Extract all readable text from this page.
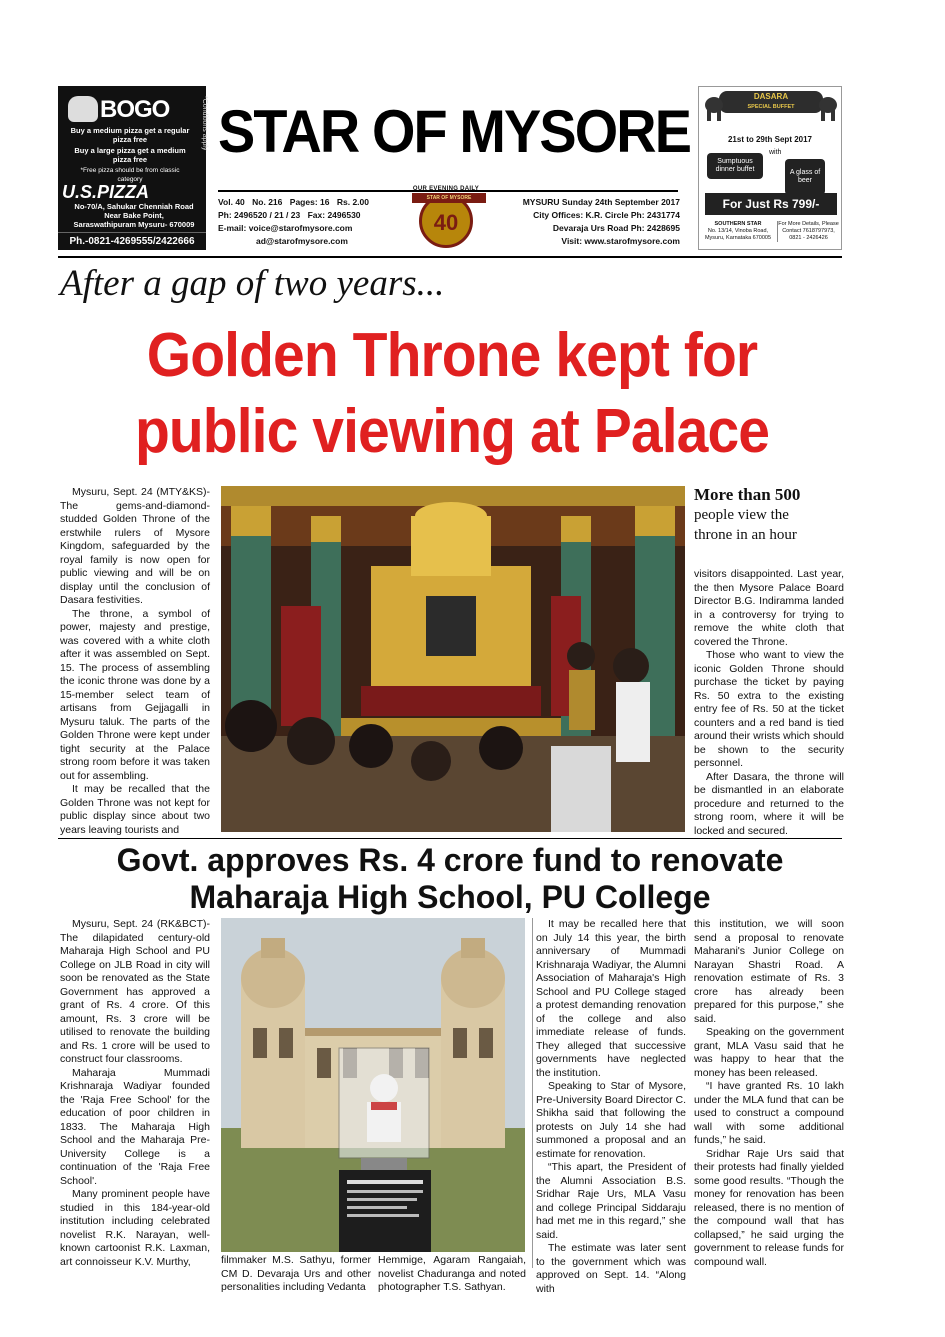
BOGO	*Conditions apply
Buy a medium pizza get a regular pizza free
Buy a large pizza get a medium pizza free
*Free pizza should be from classic category
U.S.PIZZA
No-70/A, Sahukar Chenniah Road Near Bake Point, Saraswathipuram Mysuru- 670009
Ph.-0821-4269555/2422666
STAR OF MYSORE
Vol. 40 No. 216 Pages: 16 Rs. 2.00
Ph: 2496520 / 21 / 23 Fax: 2496530
E-mail: voice@starofmysore.com
ad@starofmysore.com
OUR EVENING DAILY
STAR OF MYSORE
40
MYSURU Sunday 24th September 2017
City Offices: K.R. Circle Ph: 2431774
Devaraja Urs Road Ph: 2428695
Visit: www.starofmysore.com
DASARA
SPECIAL BUFFET
21st to 29th Sept 2017
Sumptuous dinner buffet
with
A glass of beer
For Just Rs 799/-
SOUTHERN STAR
No. 13/14, Vinoba Road, Mysuru, Karnataka 670005
For More Details, Please Contact 7618797973, 0821 - 2426426
After a gap of two years...
Golden Throne kept for
public viewing at Palace

Mysuru, Sept. 24 (MTY&KS)- The gems-and-diamond-studded Golden Throne of the erstwhile rulers of Mysore Kingdom, safeguarded by the royal family is now open for public viewing and will be on display until the conclusion of Dasara festivities.

The throne, a symbol of power, majesty and prestige, was covered with a white cloth after it was assembled on Sept. 15. The process of assembling the iconic throne was done by a 15-member select team of artisans from Gejjagalli in Mysuru taluk. The parts of the Golden Throne were kept under tight security at the Palace strong room before it was taken out for assembling.

It may be recalled that the Golden Throne was not kept for public display since about two years leaving tourists and

More than 500
people view the
throne in an hour

visitors disappointed. Last year, the then Mysore Palace Board Director B.G. Indiramma landed in a controversy for trying to remove the white cloth that covered the Throne.

Those who want to view the iconic Golden Throne should purchase the ticket by paying Rs. 50 extra to the existing entry fee of Rs. 50 at the ticket counters and a red band is tied around their wrists which should be shown to the security personnel.

After Dasara, the throne will be dismantled in an elaborate procedure and returned to the strong room, where it will be locked and secured.

Govt. approves Rs. 4 crore fund to renovate
Maharaja High School, PU College

Mysuru, Sept. 24 (RK&BCT)- The dilapidated century-old Maharaja High School and PU College on JLB Road in city will soon be renovated as the State Government has approved a grant of Rs. 4 crore. Of this amount, Rs. 3 crore will be utilised to renovate the building and Rs. 1 crore will be used to construct four classrooms.

Maharaja Mummadi Krishnaraja Wadiyar founded the 'Raja Free School' for the education of poor children in 1833. The Maharaja High School and the Maharaja Pre-University College is a continuation of the 'Raja Free School'.

Many prominent people have studied in this 184-year-old institution including celebrated novelist R.K. Narayan, well-known cartoonist R.K. Laxman, art connoisseur K.V. Murthy,	filmmaker M.S. Sathyu, former CM D. Devaraja Urs and other personalities including Vedanta

Hemmige, Agaram Rangaiah, novelist Chaduranga and noted photographer T.S. Sathyan.

It may be recalled here that on July 14 this year, the birth anniversary of Mummadi Krishnaraja Wadiyar, the Alumni Association of Maharaja's High School and PU College staged a protest demanding renovation of the college and also immediate release of funds. They alleged that successive governments have neglected the institution.

Speaking to Star of Mysore, Pre-University Board Director C. Shikha said that following the protests on July 14 she had summoned a proposal and an estimate for renovation.

“This apart, the President of the Alumni Association B.S. Sridhar Raje Urs, MLA Vasu and college Principal Siddaraju had met me in this regard,” she said.

The estimate was later sent to the government which was approved on Sept. 14. “Along with

this institution, we will soon send a proposal to renovate Maharani's Junior College on Narayan Shastri Road. A renovation estimate of Rs. 3 crore has already been prepared for this purpose,” she said.

Speaking on the government grant, MLA Vasu said that he was happy to hear that the money has been released.

“I have granted Rs. 10 lakh under the MLA fund that can be used to construct a compound wall with some additional funds,” he said.

Sridhar Raje Urs said that their protests had finally yielded some good results. “Though the money for renovation has been released, there is no mention of the compound wall that has collapsed,” he said urging the government to release funds for compound wall.
